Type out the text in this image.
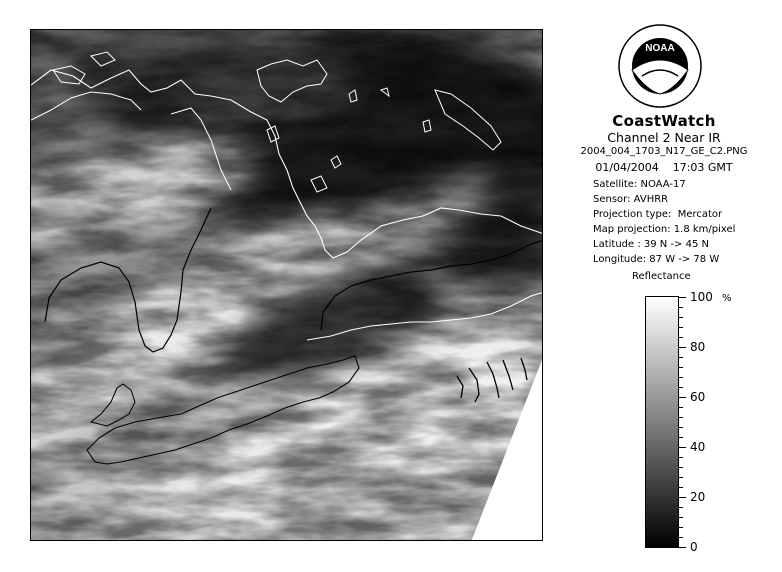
NOAA
CoastWatch
Channel 2 Near IR
2004_004_1703_N17_GE_C2.PNG
01/04/2004    17:03 GMT
Satellite: NOAA-17
Sensor: AVHRR
Projection type:  Mercator
Map projection: 1.8 km/pixel
Latitude : 39 N -> 45 N
Longitude: 87 W -> 78 W
Reflectance
%
100
80
60
40
20
0
